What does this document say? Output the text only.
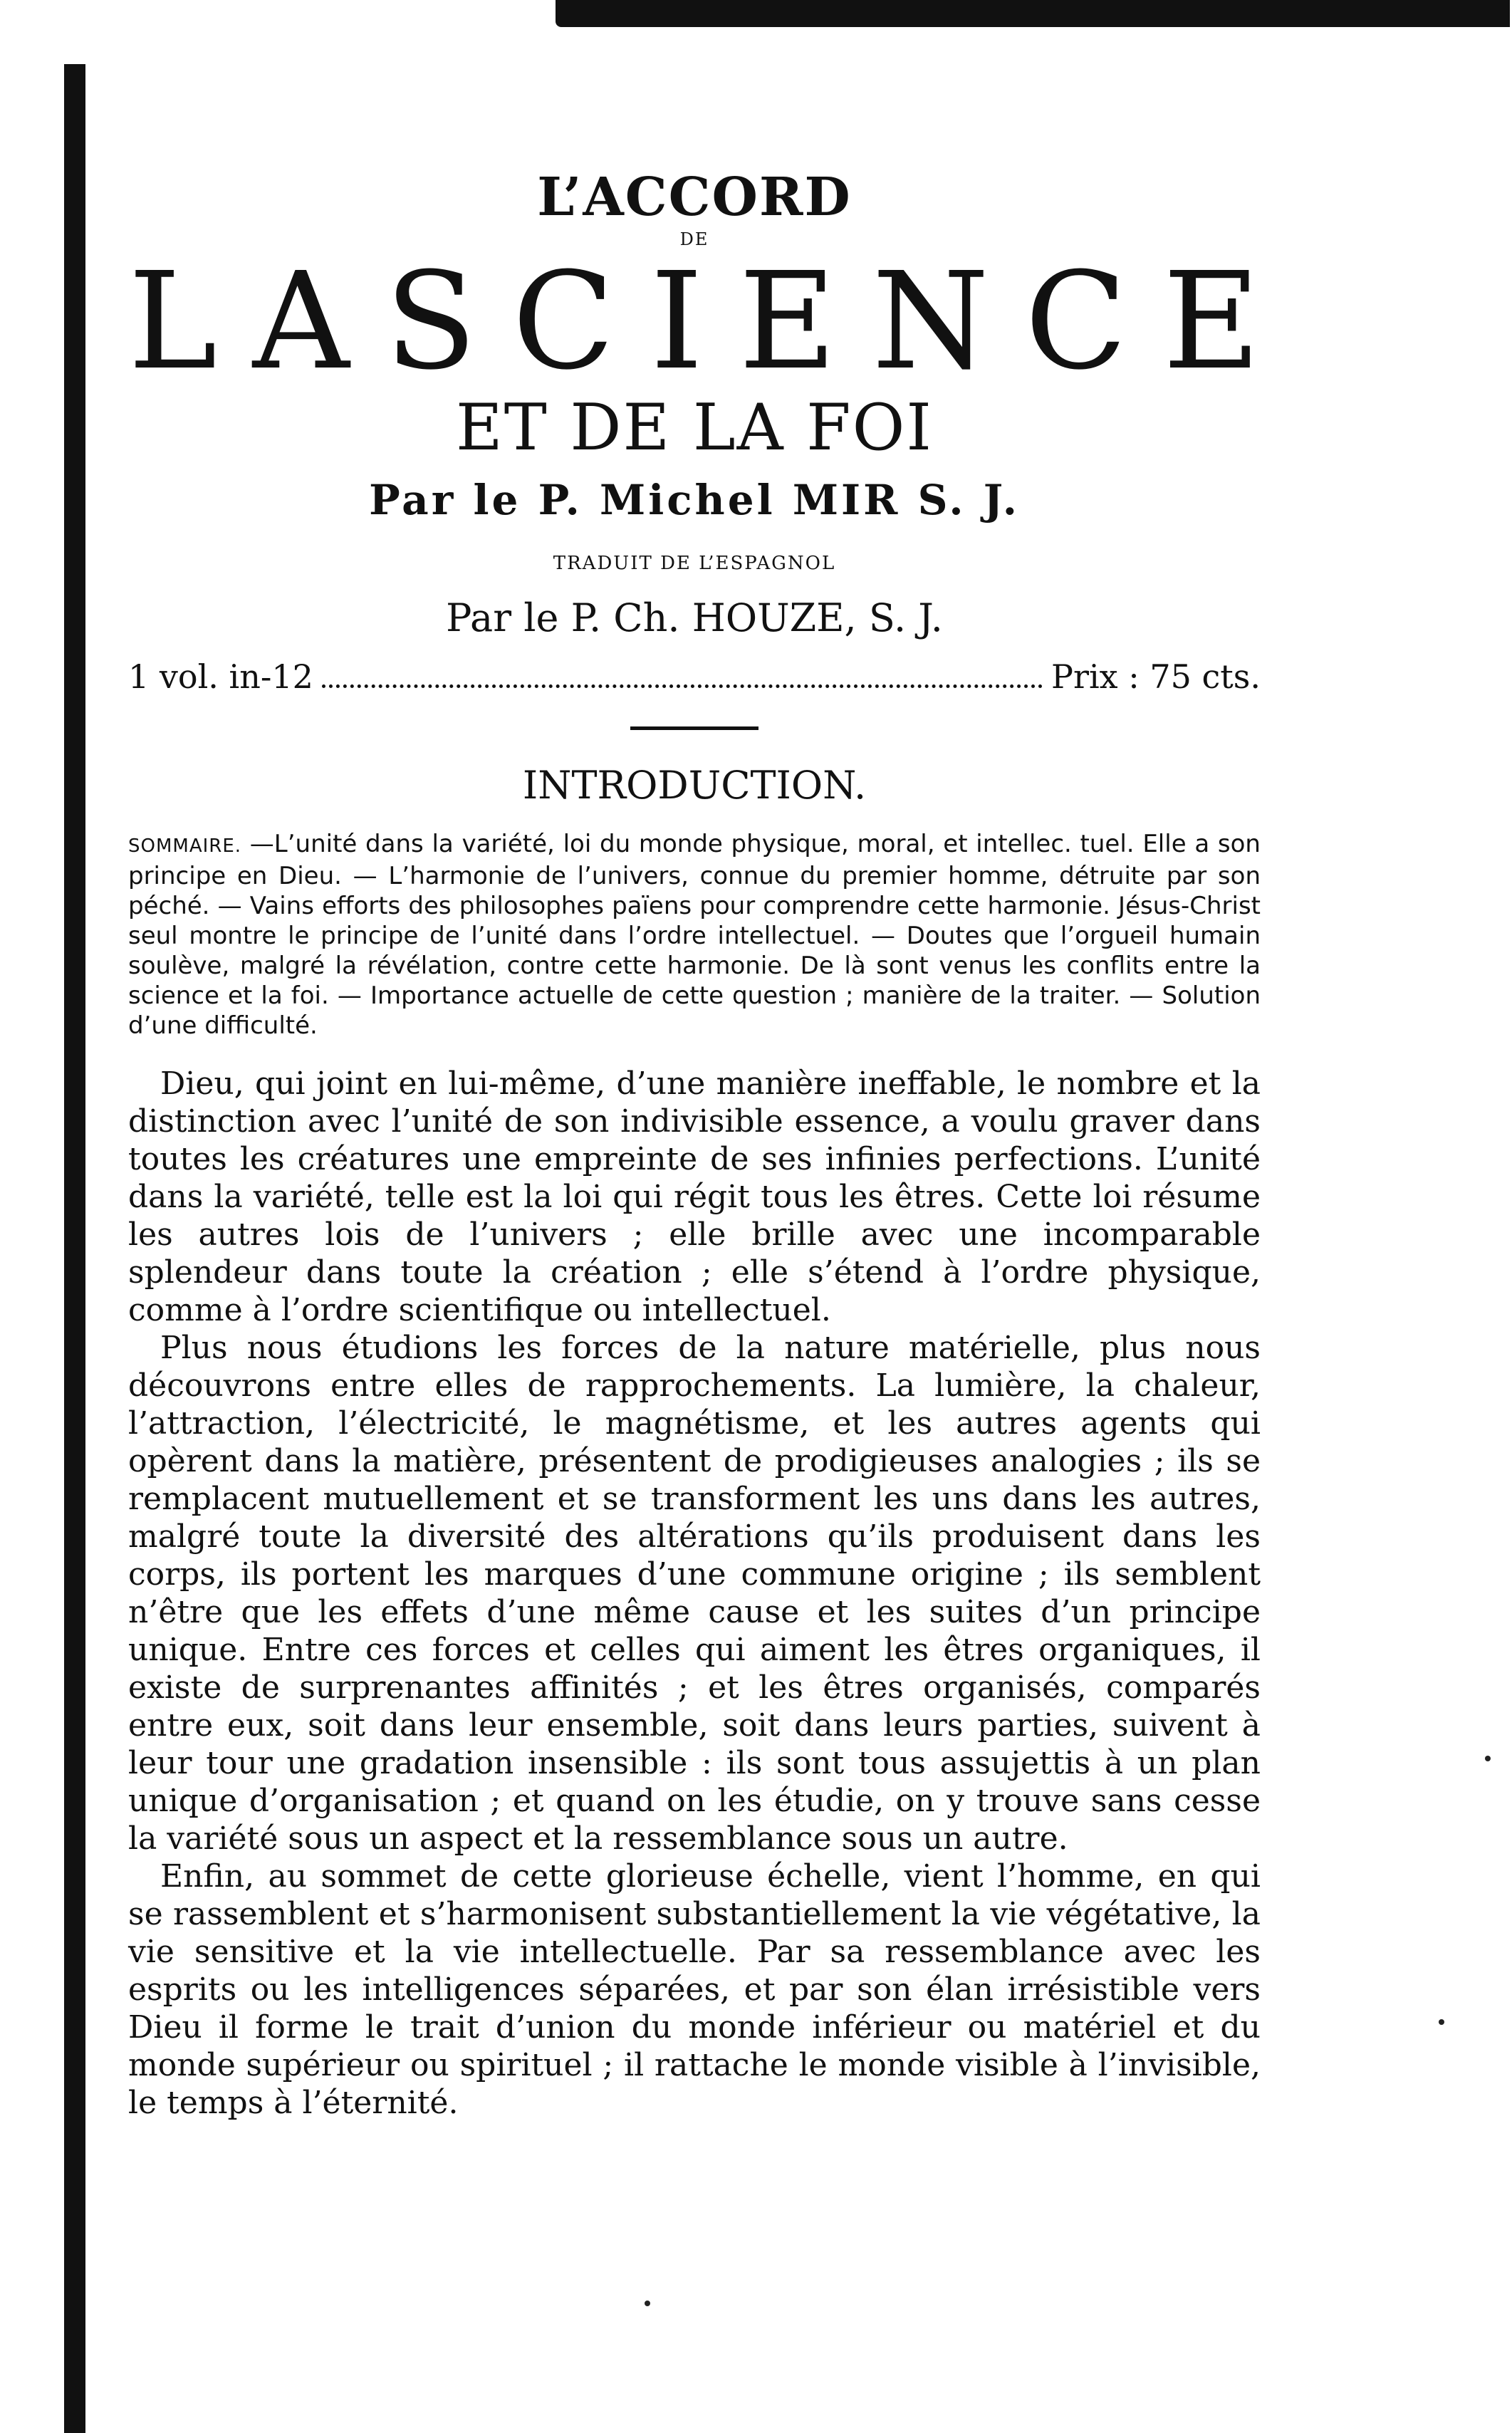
L’ACCORD
DE
L A S C I E N C E
ET DE LA FOI
Par le P. Michel MIR S. J.
TRADUIT DE L’ESPAGNOL
Par le P. Ch. HOUZE, S. J.
1 vol. in-12	Prix : 75 cts.
INTRODUCTION.
SOMMAIRE. —L’unité dans la variété, loi du monde physique, moral, et intellec. tuel. Elle a son principe en Dieu. — L’harmonie de l’univers, connue du premier homme, détruite par son péché. — Vains efforts des philosophes païens pour comprendre cette harmonie. Jésus-Christ seul montre le principe de l’unité dans l’ordre intellectuel. — Doutes que l’orgueil humain soulève, malgré la révélation, contre cette harmonie. De là sont venus les conflits entre la science et la foi. — Importance actuelle de cette question ; manière de la traiter. — Solution d’une difficulté.

Dieu, qui joint en lui-même, d’une manière ineffable, le nombre et la distinction avec l’unité de son indivisible essence, a voulu graver dans toutes les créatures une empreinte de ses infinies perfections. L’unité dans la variété, telle est la loi qui régit tous les êtres. Cette loi résume les autres lois de l’univers ; elle brille avec une incomparable splendeur dans toute la création ; elle s’étend à l’ordre physique, comme à l’ordre scientifique ou intellectuel.

Plus nous étudions les forces de la nature matérielle, plus nous découvrons entre elles de rapprochements. La lumière, la chaleur, l’attraction, l’électricité, le magnétisme, et les autres agents qui opèrent dans la matière, présentent de prodigieuses analogies ; ils se remplacent mutuellement et se transforment les uns dans les autres, malgré toute la diversité des altérations qu’ils produisent dans les corps, ils portent les marques d’une commune origine ; ils semblent n’être que les effets d’une même cause et les suites d’un principe unique. Entre ces forces et celles qui aiment les êtres organiques, il existe de surprenantes affinités ; et les êtres organisés, comparés entre eux, soit dans leur ensemble, soit dans leurs parties, suivent à leur tour une gradation insensible : ils sont tous assujettis à un plan unique d’organisation ; et quand on les étudie, on y trouve sans cesse la variété sous un aspect et la ressemblance sous un autre.

Enfin, au sommet de cette glorieuse échelle, vient l’homme, en qui se rassemblent et s’harmonisent substantiellement la vie végétative, la vie sensitive et la vie intellectuelle. Par sa ressemblance avec les esprits ou les intelligences séparées, et par son élan irrésistible vers Dieu il forme le trait d’union du monde inférieur ou matériel et du monde supérieur ou spirituel ; il rattache le monde visible à l’invisible, le temps à l’éternité.
